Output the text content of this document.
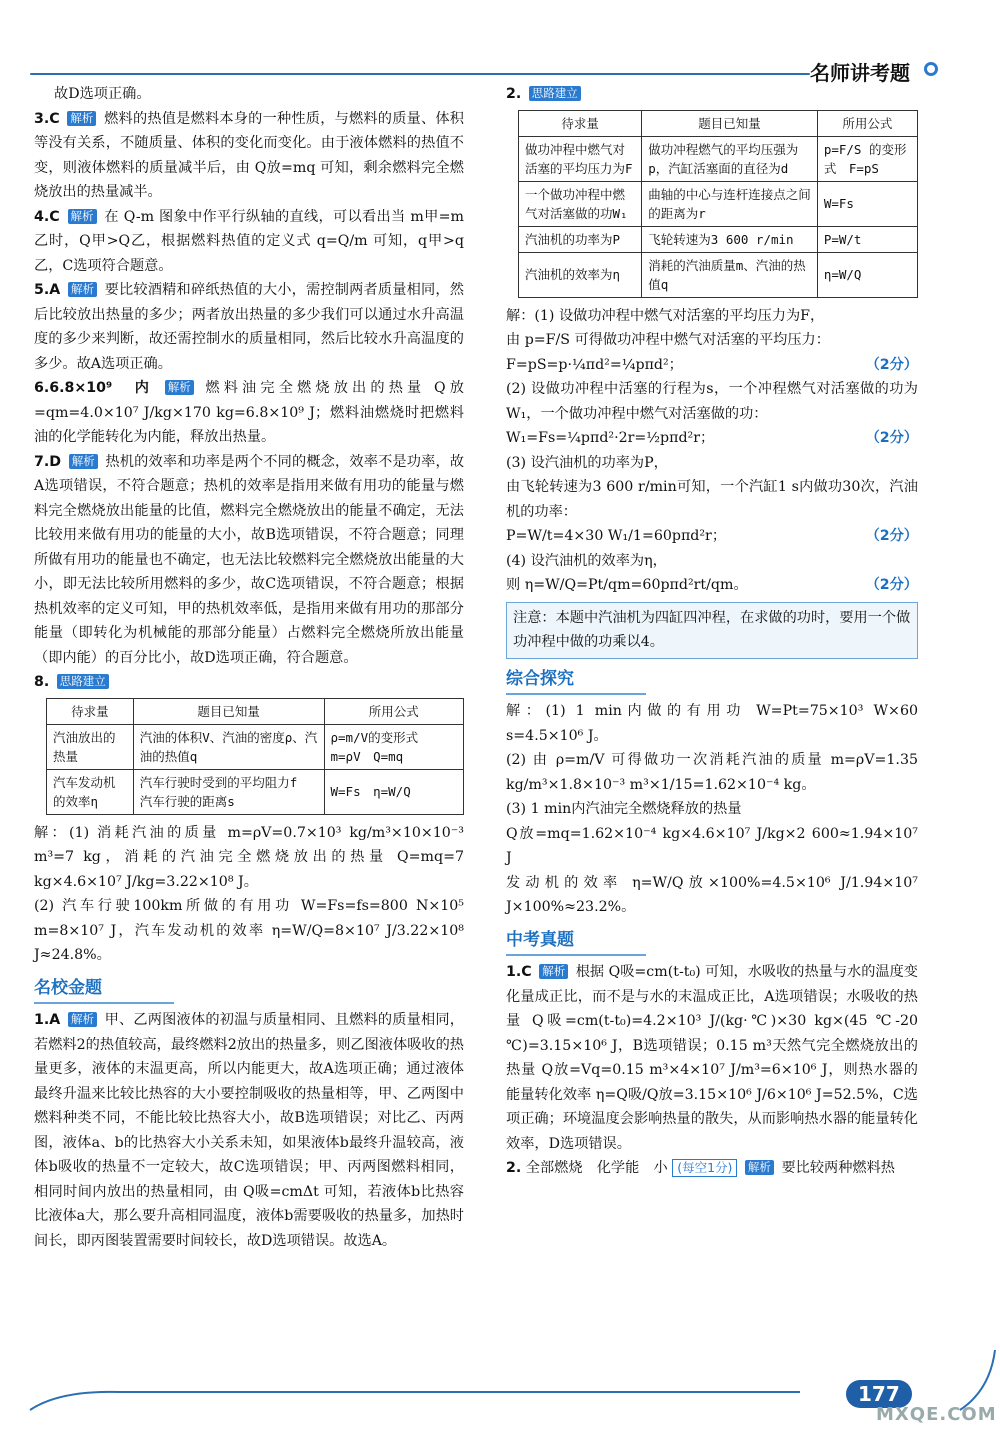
名师讲考题

故D选项正确。

3.C 解析 燃料的热值是燃料本身的一种性质，与燃料的质量、体积等没有关系，不随质量、体积的变化而变化。由于液体燃料的热值不变，则液体燃料的质量减半后，由 Q放=mq 可知，剩余燃料完全燃烧放出的热量减半。

4.C 解析 在 Q-m 图象中作平行纵轴的直线，可以看出当 m甲=m乙时，Q甲>Q乙，根据燃料热值的定义式 q=Q/m 可知，q甲>q乙，C选项符合题意。

5.A 解析 要比较酒精和碎纸热值的大小，需控制两者质量相同，然后比较放出热量的多少；两者放出热量的多少我们可以通过水升高温度的多少来判断，故还需控制水的质量相同，然后比较水升高温度的多少。故A选项正确。

6.6.8×10⁹　内 解析 燃料油完全燃烧放出的热量 Q放=qm=4.0×10⁷ J/kg×170 kg=6.8×10⁹ J；燃料油燃烧时把燃料油的化学能转化为内能，释放出热量。

7.D 解析 热机的效率和功率是两个不同的概念，效率不是功率，故A选项错误，不符合题意；热机的效率是指用来做有用功的能量与燃料完全燃烧放出能量的比值，燃料完全燃烧放出的能量不确定，无法比较用来做有用功的能量的大小，故B选项错误，不符合题意；同理所做有用功的能量也不确定，也无法比较燃料完全燃烧放出能量的大小，即无法比较所用燃料的多少，故C选项错误，不符合题意；根据热机效率的定义可知，甲的热机效率低，是指用来做有用功的那部分能量（即转化为机械能的那部分能量）占燃料完全燃烧所放出能量（即内能）的百分比小，故D选项正确，符合题意。

8. 思路建立

待求量	题目已知量	所用公式
汽油放出的热量	汽油的体积V、汽油的密度ρ、汽油的热值q	ρ=m/V的变形式　m=ρV　Q=mq
汽车发动机的效率η	汽车行驶时受到的平均阻力f　汽车行驶的距离s	W=Fs　η=W/Q

解：(1) 消耗汽油的质量 m=ρV=0.7×10³ kg/m³×10×10⁻³ m³=7 kg，消耗的汽油完全燃烧放出的热量 Q=mq=7 kg×4.6×10⁷ J/kg=3.22×10⁸ J。

(2) 汽车行驶100km所做的有用功 W=Fs=fs=800 N×10⁵ m=8×10⁷ J，汽车发动机的效率 η=W/Q=8×10⁷ J/3.22×10⁸ J≈24.8%。

名校金题

1.A 解析 甲、乙两图液体的初温与质量相同、且燃料的质量相同，若燃料2的热值较高，最终燃料2放出的热量多，则乙图液体吸收的热量更多，液体的末温更高，所以内能更大，故A选项正确；通过液体最终升温来比较比热容的大小要控制吸收的热量相等，甲、乙两图中燃料种类不同，不能比较比热容大小，故B选项错误；对比乙、丙两图，液体a、b的比热容大小关系未知，如果液体b最终升温较高，液体b吸收的热量不一定较大，故C选项错误；甲、丙两图燃料相同，相同时间内放出的热量相同，由 Q吸=cmΔt 可知，若液体b比热容比液体a大，那么要升高相同温度，液体b需要吸收的热量多，加热时间长，即丙图装置需要时间较长，故D选项错误。故选A。

2. 思路建立

待求量	题目已知量	所用公式
做功冲程中燃气对活塞的平均压力为F	做功冲程燃气的平均压强为p，汽缸活塞面的直径为d	p=F/S 的变形式　F=pS
一个做功冲程中燃气对活塞做的功W₁	曲轴的中心与连杆连接点之间的距离为r	W=Fs
汽油机的功率为P	飞轮转速为3 600 r/min	P=W/t
汽油机的效率为η	消耗的汽油质量m、汽油的热值q	η=W/Q

解：(1) 设做功冲程中燃气对活塞的平均压力为F，

由 p=F/S 可得做功冲程中燃气对活塞的平均压力：

F=pS=p·¼πd²=¼pπd²；	（2分）

(2) 设做功冲程中活塞的行程为s，一个冲程燃气对活塞做的功为W₁，一个做功冲程中燃气对活塞做的功：

W₁=Fs=¼pπd²·2r=½pπd²r；	（2分）

(3) 设汽油机的功率为P，

由飞轮转速为3 600 r/min可知，一个汽缸1 s内做功30次，汽油机的功率：

P=W/t=4×30 W₁/1=60pπd²r；	（2分）

(4) 设汽油机的效率为η，

则 η=W/Q=Pt/qm=60pπd²rt/qm。	（2分）

注意：本题中汽油机为四缸四冲程，在求做的功时，要用一个做功冲程中做的功乘以4。
综合探究

解：(1) 1 min内做的有用功 W=Pt=75×10³ W×60 s=4.5×10⁶ J。

(2) 由 ρ=m/V 可得做功一次消耗汽油的质量 m=ρV=1.35 kg/m³×1.8×10⁻³ m³×1/15=1.62×10⁻⁴ kg。

(3) 1 min内汽油完全燃烧释放的热量

Q放=mq=1.62×10⁻⁴ kg×4.6×10⁷ J/kg×2 600≈1.94×10⁷ J

发动机的效率 η=W/Q放×100%=4.5×10⁶ J/1.94×10⁷ J×100%≈23.2%。

中考真题

1.C 解析 根据 Q吸=cm(t-t₀) 可知，水吸收的热量与水的温度变化量成正比，而不是与水的末温成正比，A选项错误；水吸收的热量 Q吸=cm(t-t₀)=4.2×10³ J/(kg·℃)×30 kg×(45 ℃-20 ℃)=3.15×10⁶ J，B选项错误；0.15 m³天然气完全燃烧放出的热量 Q放=Vq=0.15 m³×4×10⁷ J/m³=6×10⁶ J，则热水器的能量转化效率 η=Q吸/Q放=3.15×10⁶ J/6×10⁶ J=52.5%，C选项正确；环境温度会影响热量的散失，从而影响热水器的能量转化效率，D选项错误。

2. 全部燃烧　化学能　小 (每空1分) 解析 要比较两种燃料热

177
MXQE.COM
